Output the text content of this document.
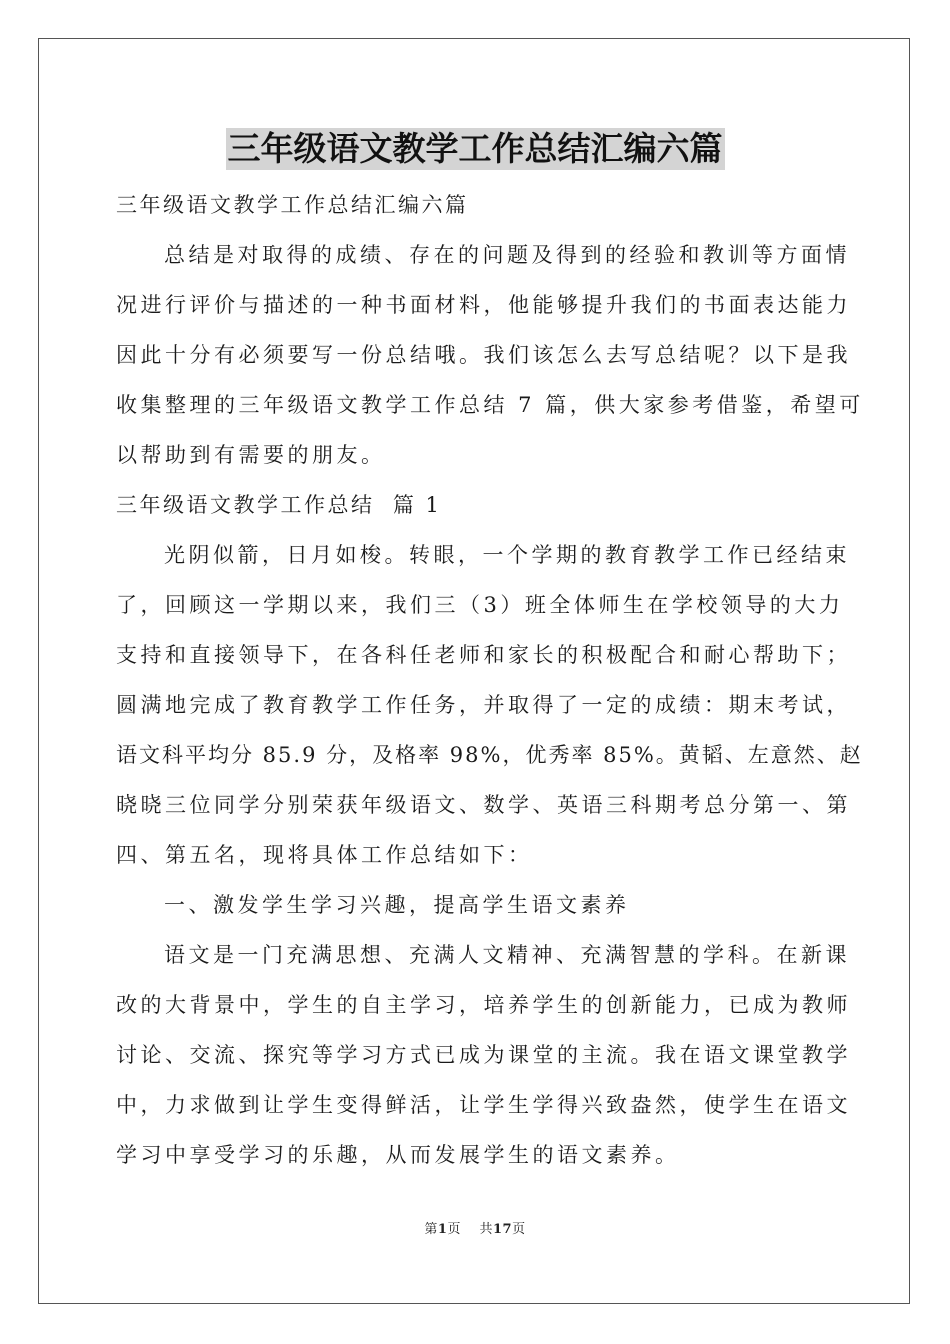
三年级语文教学工作总结汇编六篇

三年级语文教学工作总结汇编六篇

总结是对取得的成绩、存在的问题及得到的经验和教训等方面情

况进行评价与描述的一种书面材料，他能够提升我们的书面表达能力

因此十分有必须要写一份总结哦。我们该怎么去写总结呢？以下是我

收集整理的三年级语文教学工作总结 7 篇，供大家参考借鉴，希望可

以帮助到有需要的朋友。

三年级语文教学工作总结  篇 1

光阴似箭，日月如梭。转眼，一个学期的教育教学工作已经结束

了，回顾这一学期以来，我们三（3）班全体师生在学校领导的大力

支持和直接领导下，在各科任老师和家长的积极配合和耐心帮助下；

圆满地完成了教育教学工作任务，并取得了一定的成绩：期末考试，

语文科平均分 85.9 分，及格率 98%，优秀率 85%。黄韬、左意然、赵

晓晓三位同学分别荣获年级语文、数学、英语三科期考总分第一、第

四、第五名，现将具体工作总结如下：

一、激发学生学习兴趣，提高学生语文素养

语文是一门充满思想、充满人文精神、充满智慧的学科。在新课

改的大背景中，学生的自主学习，培养学生的创新能力，已成为教师

讨论、交流、探究等学习方式已成为课堂的主流。我在语文课堂教学

中，力求做到让学生变得鲜活，让学生学得兴致盎然，使学生在语文

学习中享受学习的乐趣，从而发展学生的语文素养。

第1页 共17页
